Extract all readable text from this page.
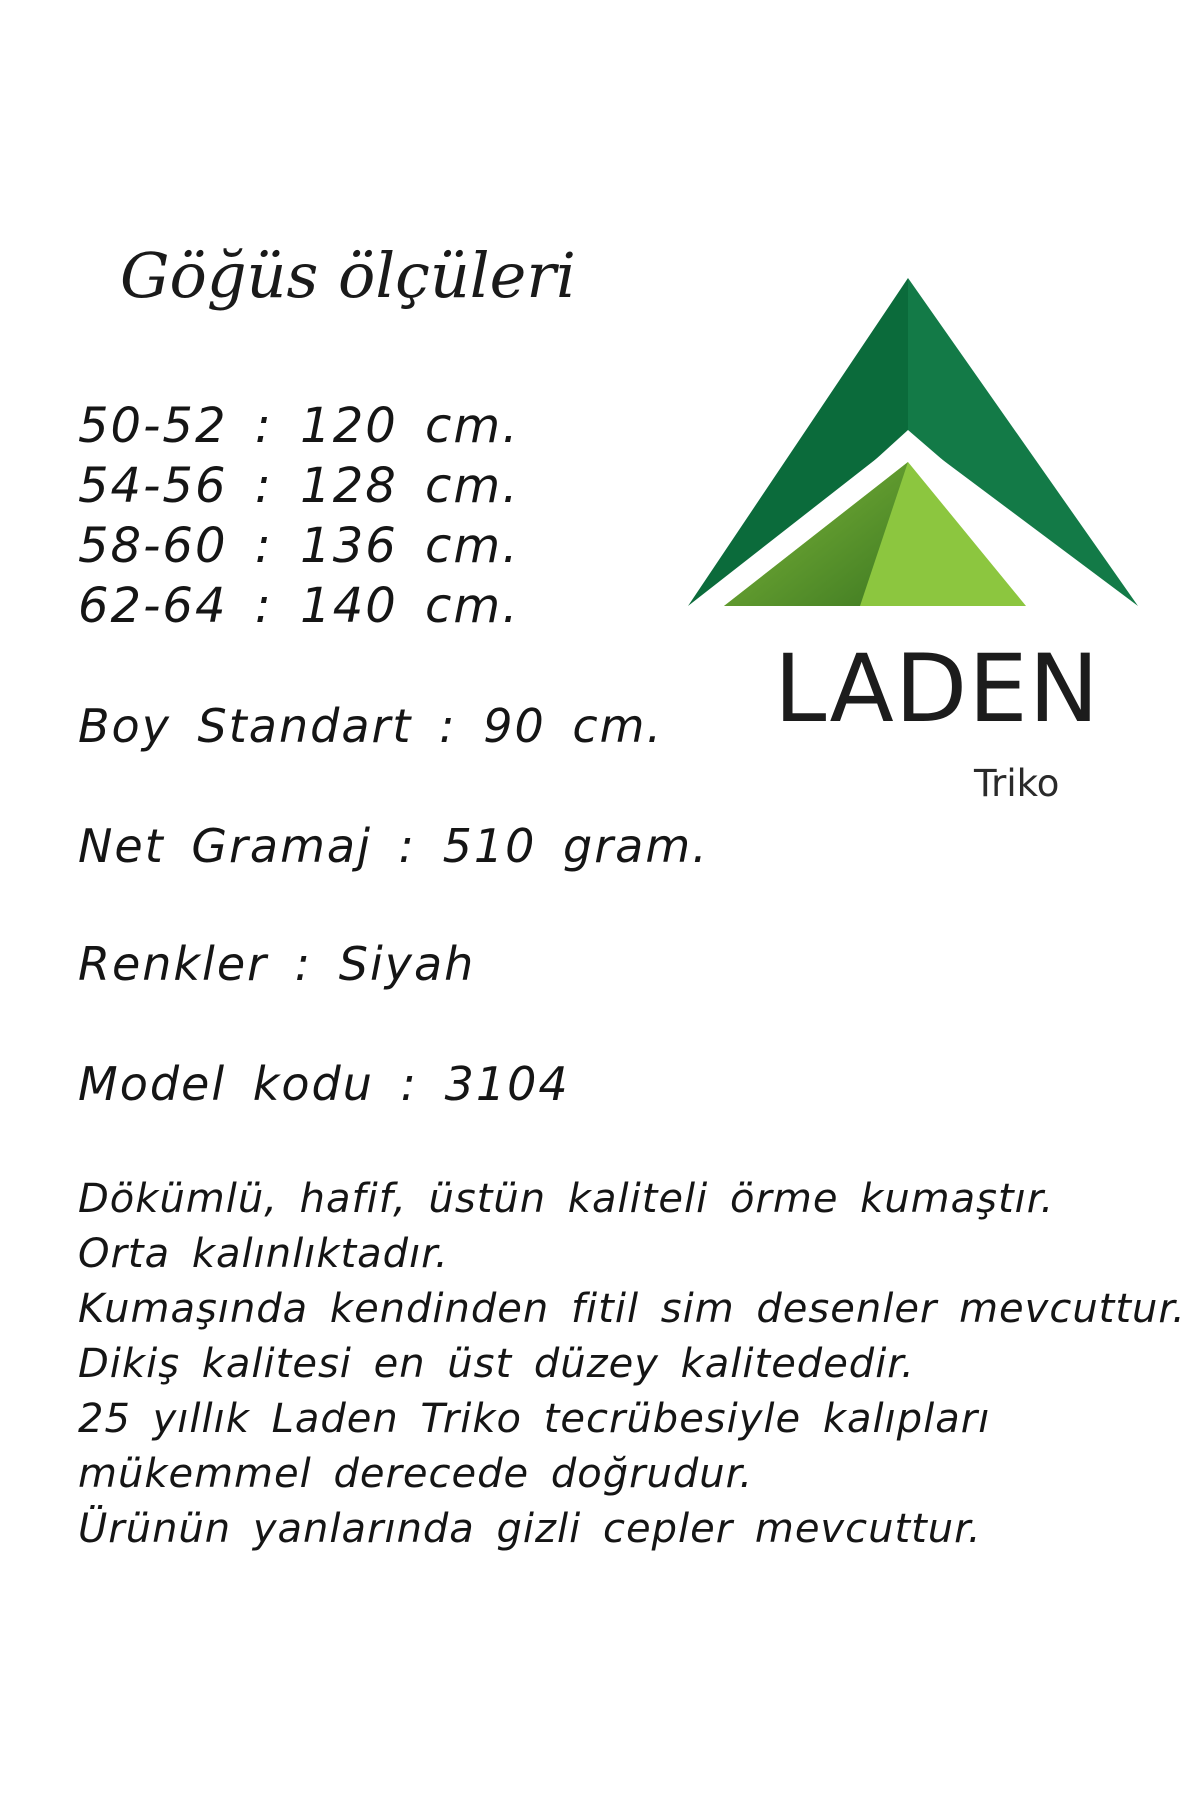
Göğüs ölçüleri
50-52 : 120 cm.
54-56 : 128 cm.
58-60 : 136 cm.
62-64 : 140 cm.
Boy Standart : 90 cm.
Net Gramaj : 510 gram.
Renkler : Siyah
Model kodu : 3104
Dökümlü, hafif, üstün kaliteli örme kumaştır.
Orta kalınlıktadır.
Kumaşında kendinden fitil sim desenler mevcuttur.
Dikiş kalitesi en üst düzey kalitededir.
25 yıllık Laden Triko tecrübesiyle kalıpları
mükemmel derecede doğrudur.
Ürünün yanlarında gizli cepler mevcuttur.
LADEN
Triko
